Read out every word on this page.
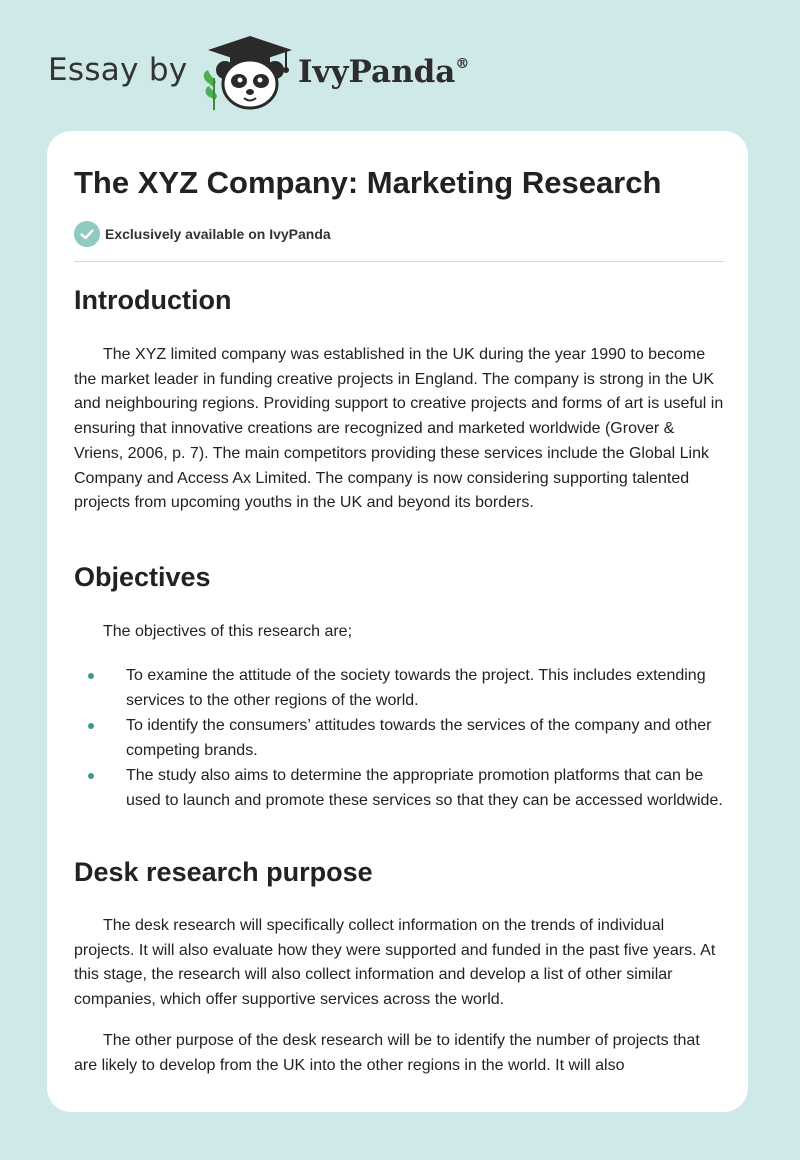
Essay by	IvyPanda®
The XYZ Company: Marketing Research
Exclusively available on IvyPanda
Introduction

The XYZ limited company was established in the UK during the year 1990 to become the market leader in funding creative projects in England. The company is strong in the UK and neighbouring regions. Providing support to creative projects and forms of art is useful in ensuring that innovative creations are recognized and marketed worldwide (Grover & Vriens, 2006, p. 7). The main competitors providing these services include the Global Link Company and Access Ax Limited. The company is now considering supporting talented projects from upcoming youths in the UK and beyond its borders.

Objectives

The objectives of this research are;

To examine the attitude of the society towards the project. This includes extending services to the other regions of the world.
To identify the consumers’ attitudes towards the services of the company and other competing brands.
The study also aims to determine the appropriate promotion platforms that can be used to launch and promote these services so that they can be accessed worldwide.
Desk research purpose

The desk research will specifically collect information on the trends of individual projects. It will also evaluate how they were supported and funded in the past five years. At this stage, the research will also collect information and develop a list of other similar companies, which offer supportive services across the world.

The other purpose of the desk research will be to identify the number of projects that are likely to develop from the UK into the other regions in the world. It will also
